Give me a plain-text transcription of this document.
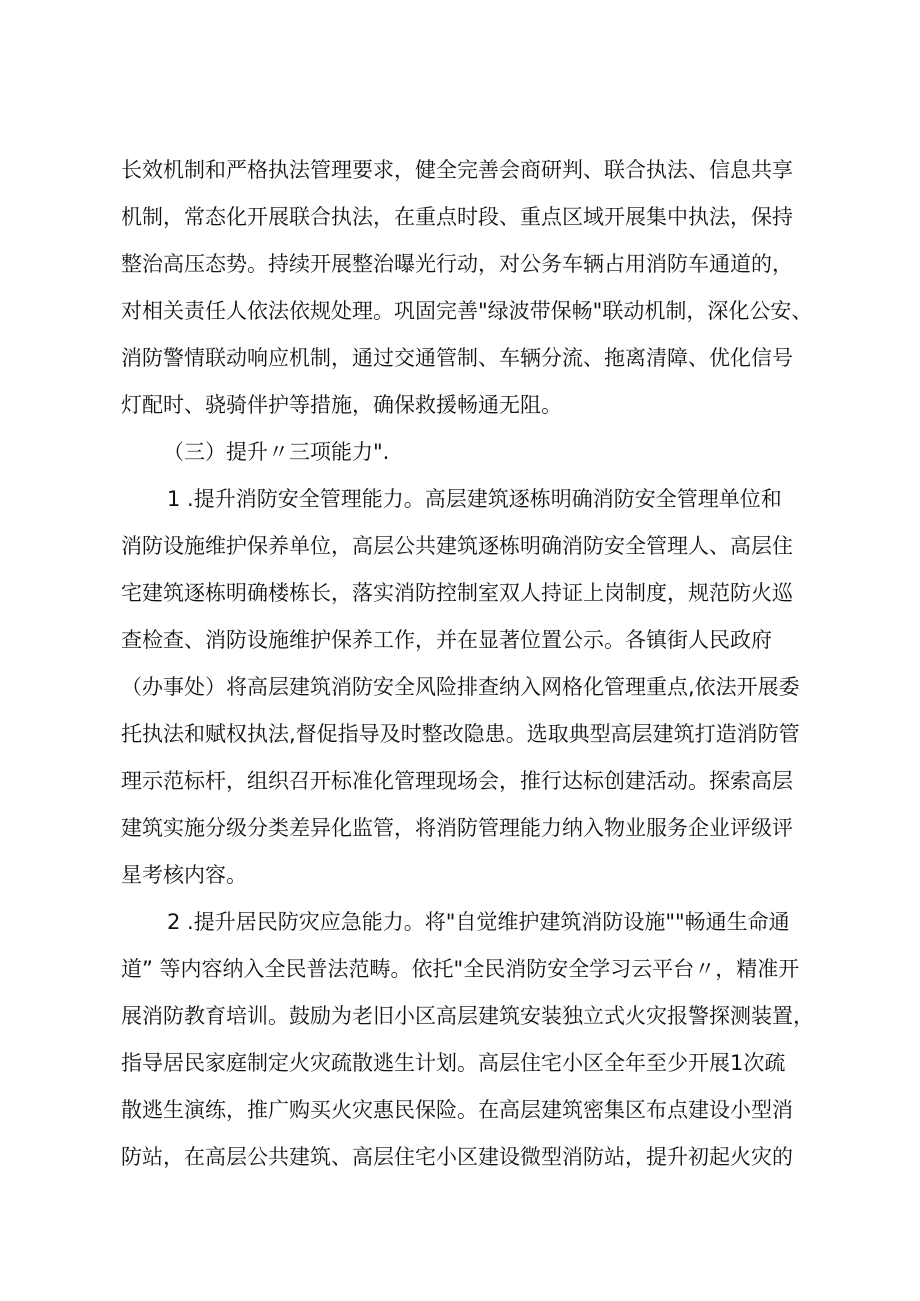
长效机制和严格执法管理要求，健全完善会商研判、联合执法、信息共享
机制，常态化开展联合执法，在重点时段、重点区域开展集中执法，保持
整治高压态势。持续开展整治曝光行动，对公务车辆占用消防车通道的，
对相关责任人依法依规处理。巩固完善"绿波带保畅"联动机制，深化公安、
消防警情联动响应机制，通过交通管制、车辆分流、拖离清障、优化信号
灯配时、骁骑伴护等措施，确保救援畅通无阻。
（三）提升〃三项能力".
1 .提升消防安全管理能力。高层建筑逐栋明确消防安全管理单位和
消防设施维护保养单位，高层公共建筑逐栋明确消防安全管理人、高层住
宅建筑逐栋明确楼栋长，落实消防控制室双人持证上岗制度，规范防火巡
查检查、消防设施维护保养工作，并在显著位置公示。各镇街人民政府
（办事处）将高层建筑消防安全风险排查纳入网格化管理重点,依法开展委
托执法和赋权执法,督促指导及时整改隐患。选取典型高层建筑打造消防管
理示范标杆，组织召开标准化管理现场会，推行达标创建活动。探索高层
建筑实施分级分类差异化监管，将消防管理能力纳入物业服务企业评级评
星考核内容。
2 .提升居民防灾应急能力。将"自觉维护建筑消防设施""畅通生命通
道” 等内容纳入全民普法范畴。依托"全民消防安全学习云平台〃，精准开
展消防教育培训。鼓励为老旧小区高层建筑安装独立式火灾报警探测装置，
指导居民家庭制定火灾疏散逃生计划。高层住宅小区全年至少开展1次疏
散逃生演练，推广购买火灾惠民保险。在高层建筑密集区布点建设小型消
防站，在高层公共建筑、高层住宅小区建设微型消防站，提升初起火灾的
